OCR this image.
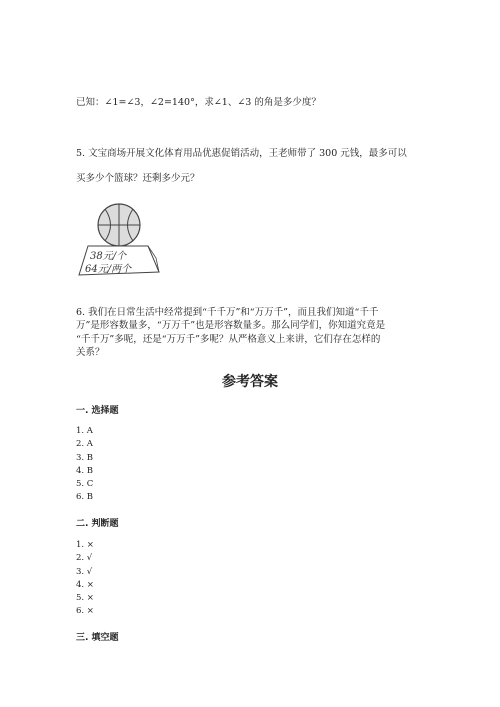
已知：∠1=∠3，∠2=140°，求∠1、∠3 的角是多少度？
5. 文宝商场开展文化体育用品优惠促销活动，王老师带了 300 元钱，最多可以
买多少个篮球？还剩多少元？
38元/个
64元/两个
6. 我们在日常生活中经常提到“千千万”和“万万千”，而且我们知道“千千
万”是形容数量多，“万万千”也是形容数量多。那么同学们，你知道究竟是
“千千万”多呢，还是“万万千”多呢？从严格意义上来讲，它们存在怎样的
关系？
参考答案
一. 选择题
1. A
2. A
3. B
4. B
5. C
6. B
二. 判断题
1. ×
2. √
3. √
4. ×
5. ×
6. ×
三. 填空题
